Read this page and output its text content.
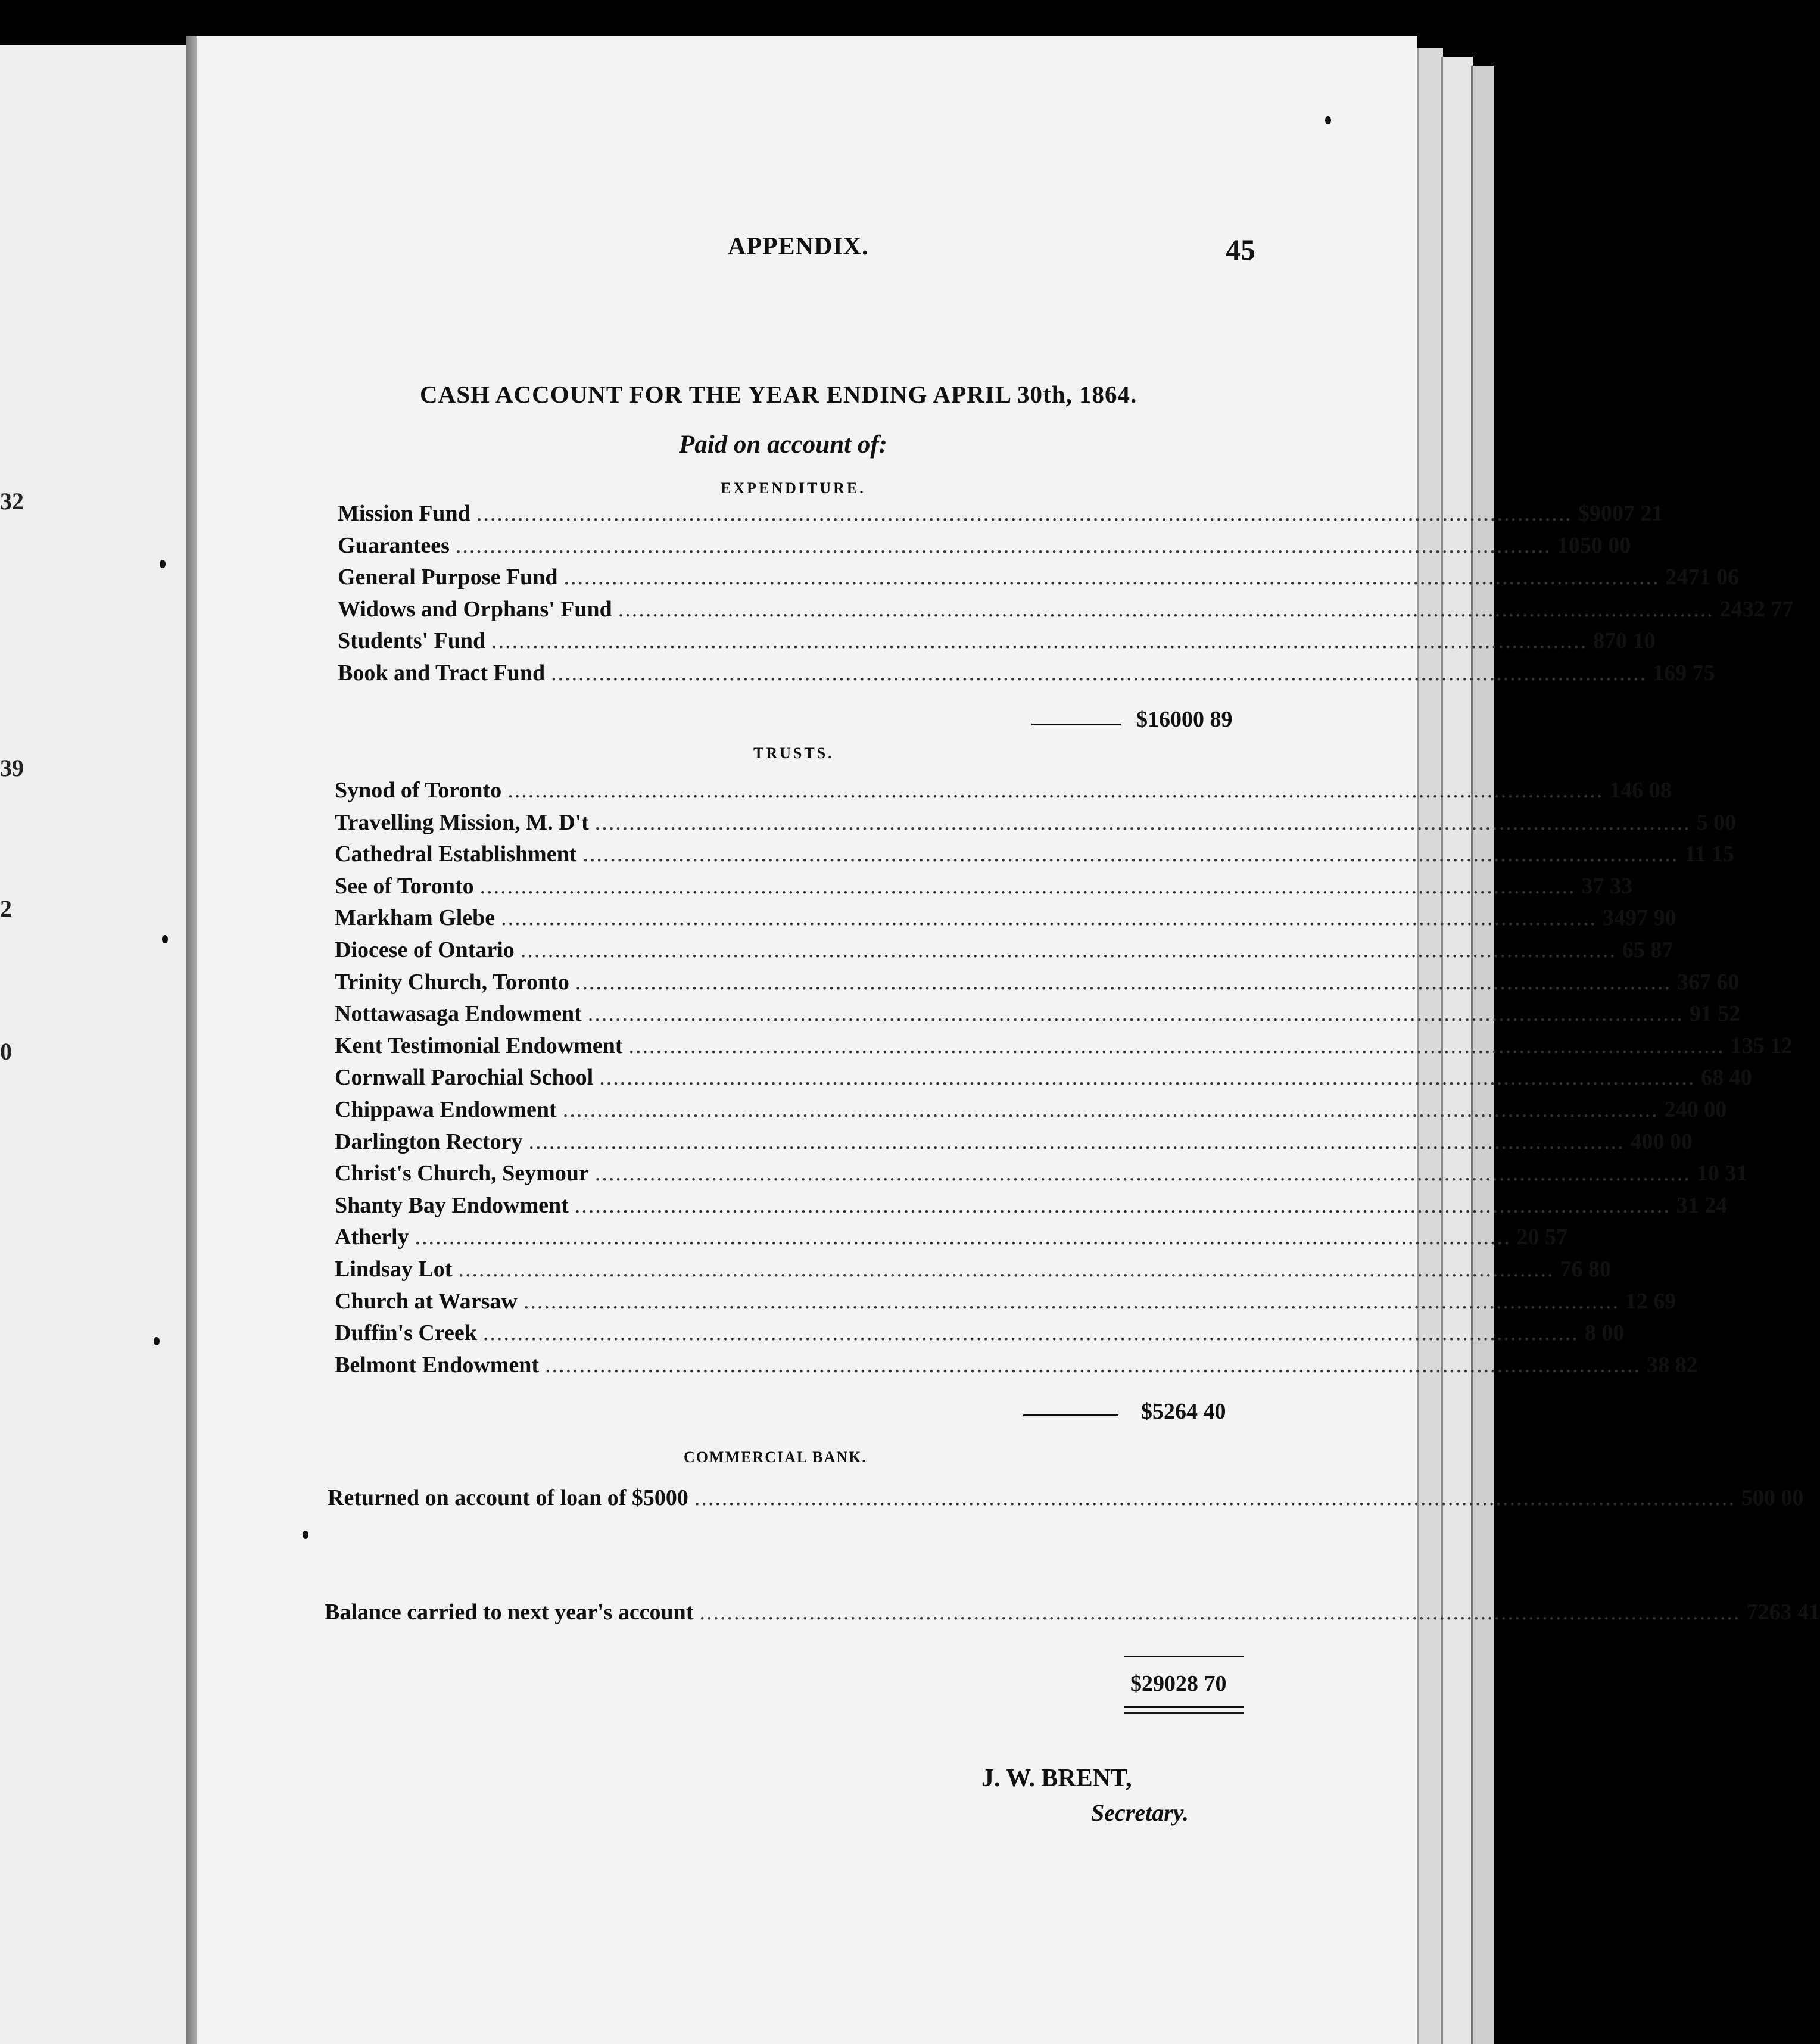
32
39
2
0
APPENDIX.	45
CASH ACCOUNT FOR THE YEAR ENDING APRIL 30th, 1864.
Paid on account of:
EXPENDITURE.
Mission Fund ................................................................................................................................................................ $9007 21
Guarantees ................................................................................................................................................................ 1050 00
General Purpose Fund ................................................................................................................................................................ 2471 06
Widows and Orphans' Fund ................................................................................................................................................................ 2432 77
Students' Fund ................................................................................................................................................................ 870 10
Book and Tract Fund ................................................................................................................................................................ 169 75
$16000 89
TRUSTS.
Synod of Toronto ................................................................................................................................................................ 146 08
Travelling Mission, M. D't ................................................................................................................................................................ 5 00
Cathedral Establishment ................................................................................................................................................................ 11 15
See of Toronto ................................................................................................................................................................ 37 33
Markham Glebe ................................................................................................................................................................ 3497 90
Diocese of Ontario ................................................................................................................................................................ 65 87
Trinity Church, Toronto ................................................................................................................................................................ 367 60
Nottawasaga Endowment ................................................................................................................................................................ 91 52
Kent Testimonial Endowment ................................................................................................................................................................ 135 12
Cornwall Parochial School ................................................................................................................................................................ 68 40
Chippawa Endowment ................................................................................................................................................................ 240 00
Darlington Rectory ................................................................................................................................................................ 400 00
Christ's Church, Seymour ................................................................................................................................................................ 10 31
Shanty Bay Endowment ................................................................................................................................................................ 31 24
Atherly ................................................................................................................................................................ 20 57
Lindsay Lot ................................................................................................................................................................ 76 80
Church at Warsaw ................................................................................................................................................................ 12 69
Duffin's Creek ................................................................................................................................................................ 8 00
Belmont Endowment ................................................................................................................................................................ 38 82
$5264 40
COMMERCIAL BANK.
Returned on account of loan of $5000 ........................................................................................................................................................ 500 00
Balance carried to next year's account ........................................................................................................................................................ 7263 41
$29028 70
J. W. BRENT,
Secretary.
